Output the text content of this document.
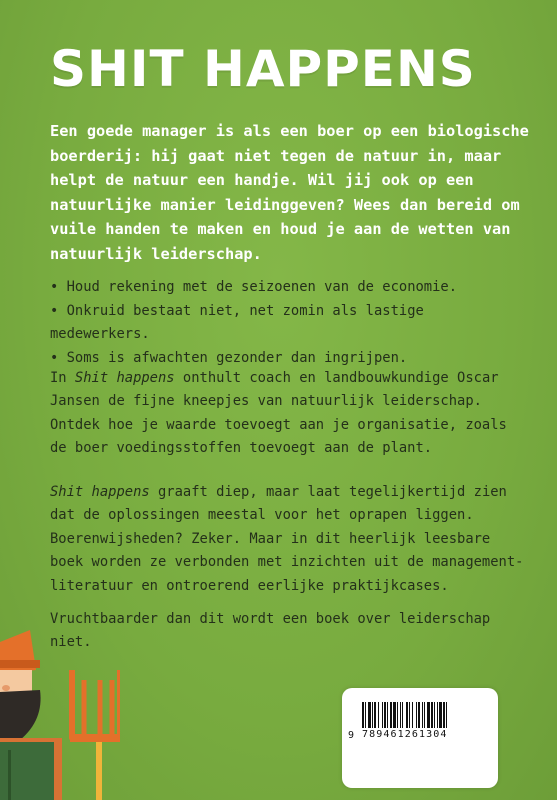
SHIT HAPPENS

Een goede manager is als een boer op een biologische boerderij: hij gaat niet tegen de natuur in, maar helpt de natuur een handje. Wil jij ook op een natuurlijke manier leidinggeven? Wees dan bereid om vuile handen te maken en houd je aan de wetten van natuurlijk leiderschap.

• Houd rekening met de seizoenen van de economie.
• Onkruid bestaat niet, net zomin als lastige medewerkers.
• Soms is afwachten gezonder dan ingrijpen.

In Shit happens onthult coach en landbouwkundige Oscar Jansen de fijne kneepjes van natuurlijk leiderschap. Ontdek hoe je waarde toevoegt aan je organisatie, zoals de boer voedingsstoffen toevoegt aan de plant.

Shit happens graaft diep, maar laat tegelijkertijd zien dat de oplossingen meestal voor het oprapen liggen. Boerenwijsheden? Zeker. Maar in dit heerlijk leesbare boek worden ze verbonden met inzichten uit de management-literatuur en ontroerend eerlijke praktijkcases.

Vruchtbaarder dan dit wordt een boek over leiderschap niet.

9 789461261304
